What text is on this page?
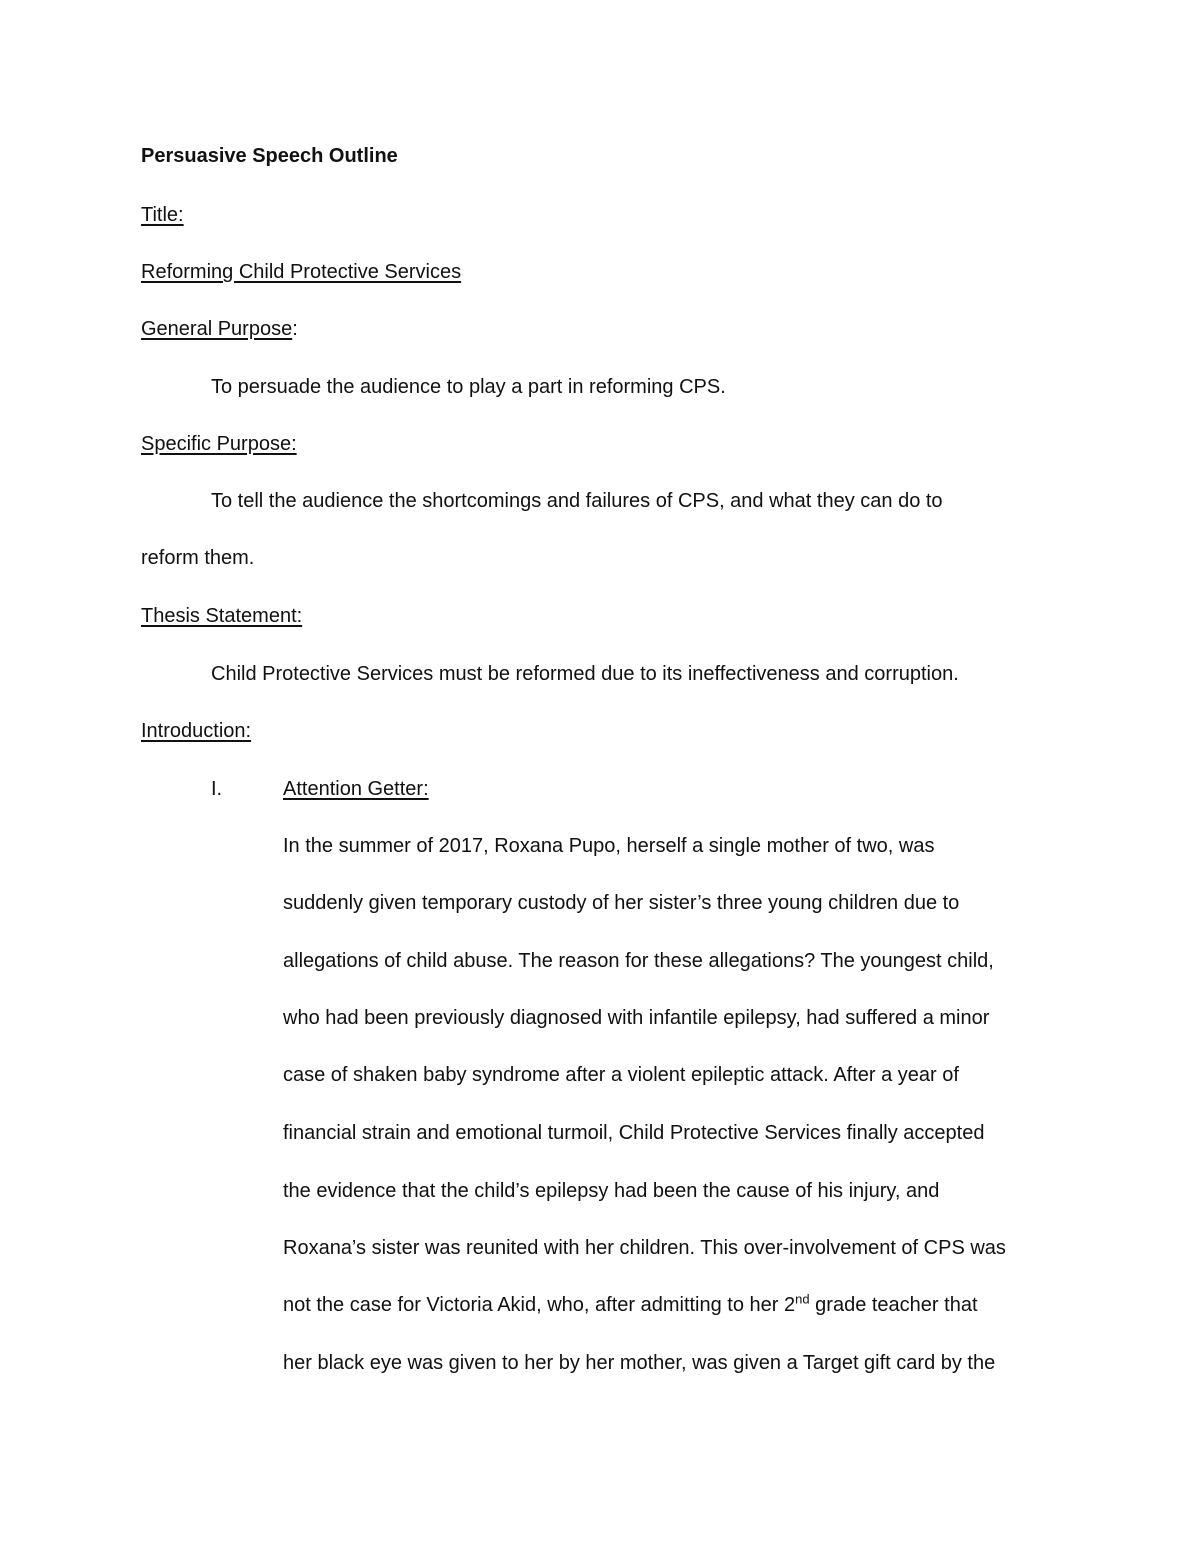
Persuasive Speech Outline
Title:
Reforming Child Protective Services
General Purpose:
To persuade the audience to play a part in reforming CPS.
Specific Purpose:
To tell the audience the shortcomings and failures of CPS, and what they can do to
reform them.
Thesis Statement:
Child Protective Services must be reformed due to its ineffectiveness and corruption.
Introduction:
I.	Attention Getter:
In the summer of 2017, Roxana Pupo, herself a single mother of two, was
suddenly given temporary custody of her sister’s three young children due to
allegations of child abuse. The reason for these allegations? The youngest child,
who had been previously diagnosed with infantile epilepsy, had suffered a minor
case of shaken baby syndrome after a violent epileptic attack. After a year of
financial strain and emotional turmoil, Child Protective Services finally accepted
the evidence that the child’s epilepsy had been the cause of his injury, and
Roxana’s sister was reunited with her children. This over-involvement of CPS was
not the case for Victoria Akid, who, after admitting to her 2nd grade teacher that
her black eye was given to her by her mother, was given a Target gift card by the
